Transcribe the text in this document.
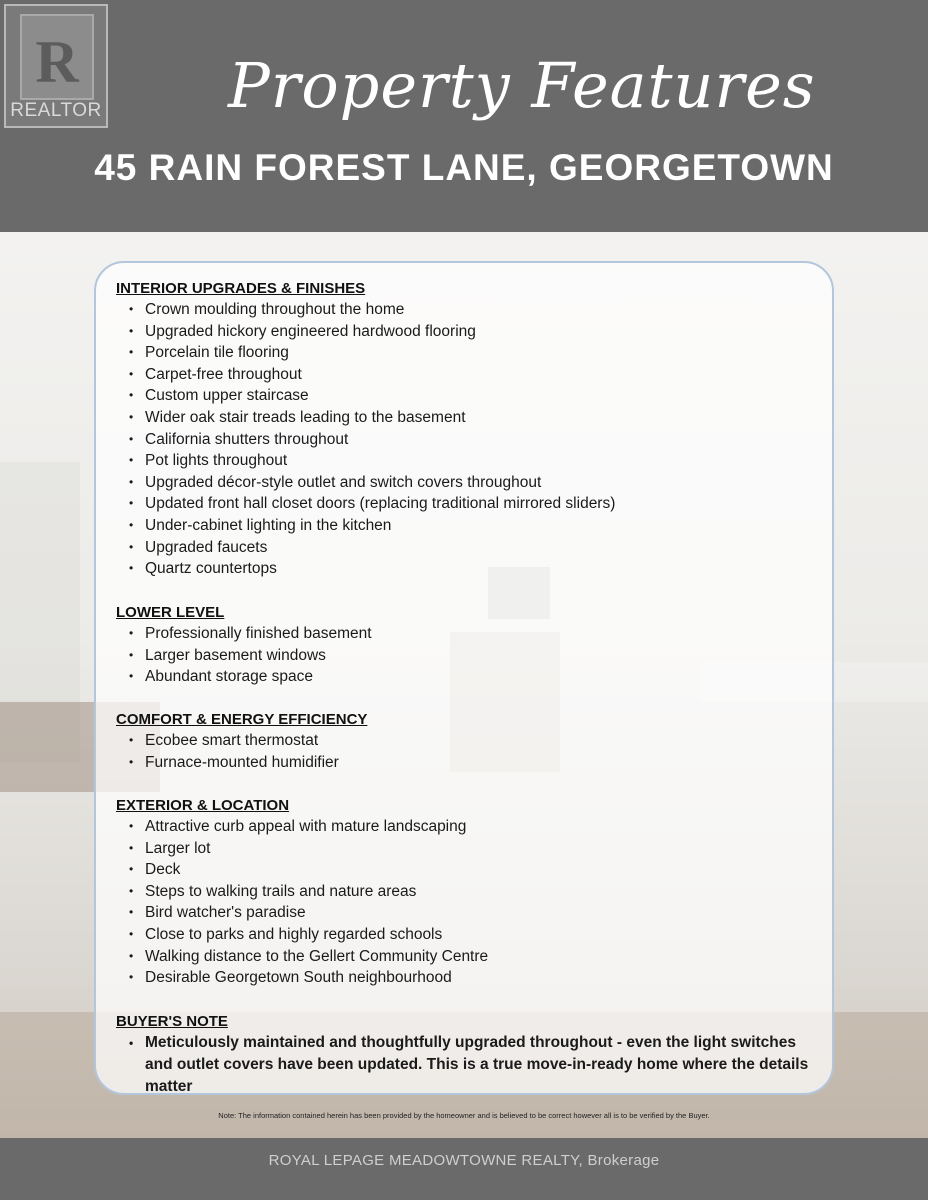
R
REALTOR Property Features
45 RAIN FOREST LANE, GEORGETOWN

INTERIOR UPGRADES & FINISHES

• Crown moulding throughout the home
• Upgraded hickory engineered hardwood flooring
• Porcelain tile flooring
• Carpet-free throughout
• Custom upper staircase
• Wider oak stair treads leading to the basement
• California shutters throughout
• Pot lights throughout
• Upgraded décor-style outlet and switch covers throughout
• Updated front hall closet doors (replacing traditional mirrored sliders)
• Under-cabinet lighting in the kitchen
• Upgraded faucets
• Quartz countertops

LOWER LEVEL

• Professionally finished basement
• Larger basement windows
• Abundant storage space

COMFORT & ENERGY EFFICIENCY

• Ecobee smart thermostat
• Furnace-mounted humidifier

EXTERIOR & LOCATION

• Attractive curb appeal with mature landscaping
• Larger lot
• Deck
• Steps to walking trails and nature areas
• Bird watcher's paradise
• Close to parks and highly regarded schools
• Walking distance to the Gellert Community Centre
• Desirable Georgetown South neighbourhood

BUYER'S NOTE

• Meticulously maintained and thoughtfully upgraded throughout - even the light switches and outlet covers have been updated. This is a true move-in-ready home where the details matter
Note: The information contained herein has been provided by the homeowner and is believed to be correct however all is to be verified by the Buyer.
ROYAL LEPAGE MEADOWTOWNE REALTY, Brokerage
